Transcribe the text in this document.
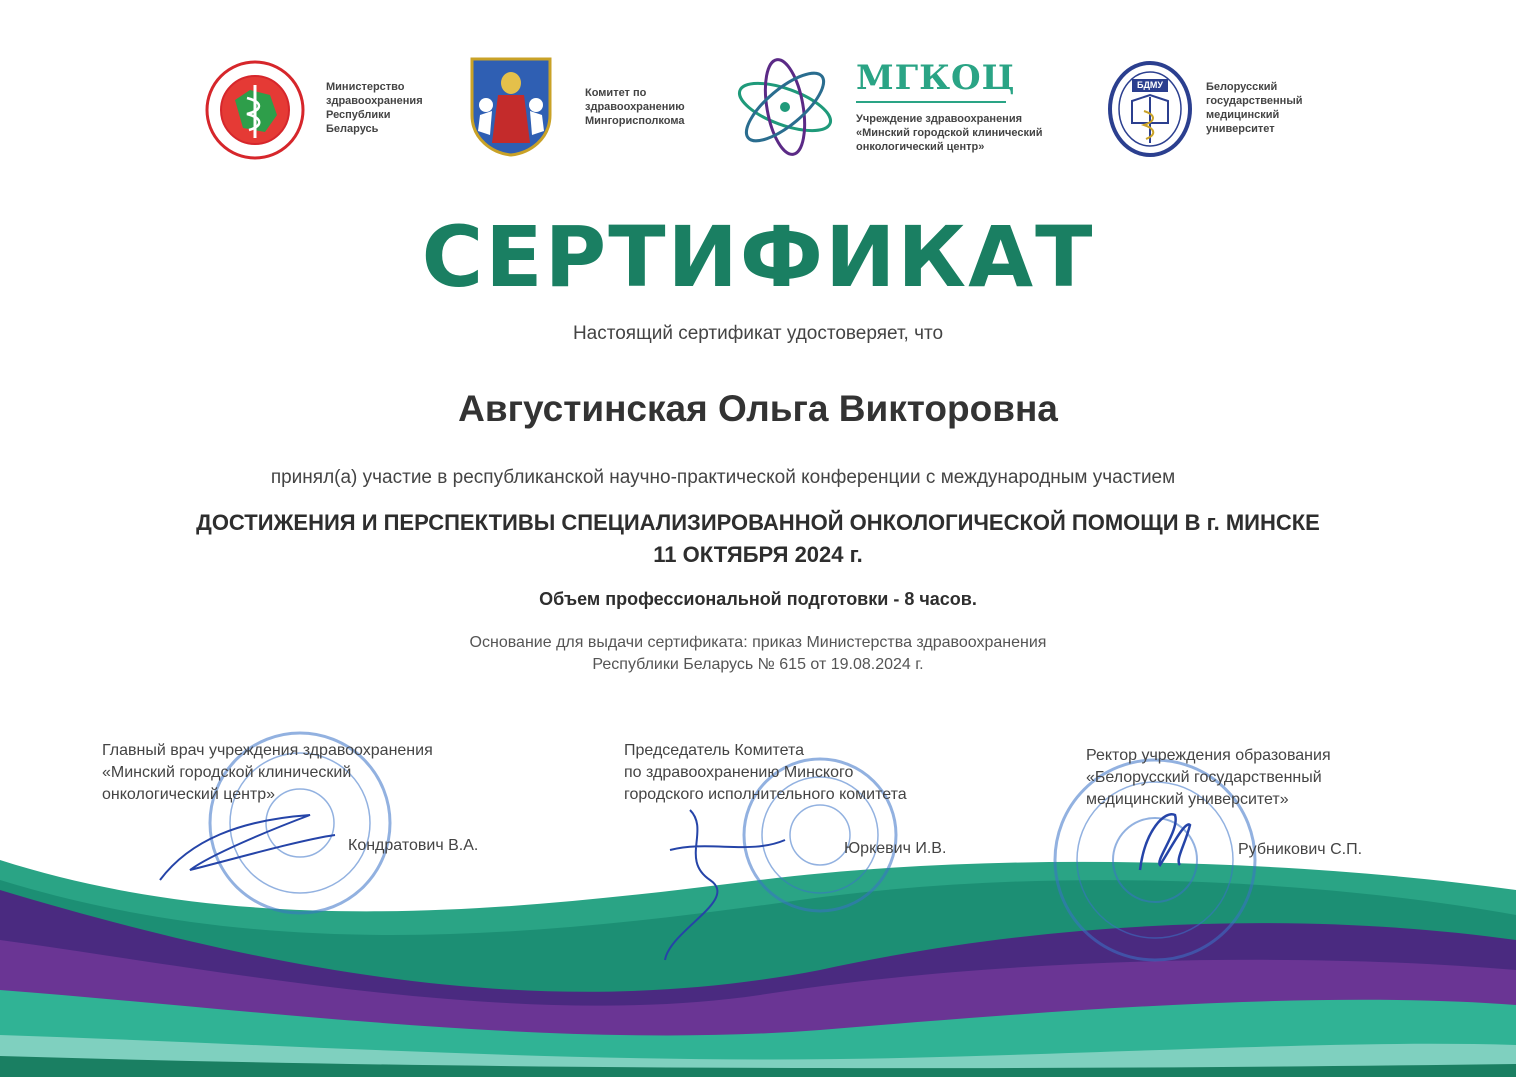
Министерство
здравоохранения
Республики
Беларусь
Комитет по
здравоохранению
Мингорисполкома
МГКОЦ
Учреждение здравоохранения
«Минский городской клинический
онкологический центр»
БДМУ	Белорусский
государственный
медицинский
университет
СЕРТИФИКАТ
Настоящий сертификат удостоверяет, что
Августинская Ольга Викторовна
принял(а) участие в республиканской научно-практической конференции с международным участием
ДОСТИЖЕНИЯ И ПЕРСПЕКТИВЫ СПЕЦИАЛИЗИРОВАННОЙ ОНКОЛОГИЧЕСКОЙ ПОМОЩИ В г. МИНСКЕ
11 ОКТЯБРЯ 2024 г.
Объем профессиональной подготовки - 8 часов.
Основание для выдачи сертификата: приказ Министерства здравоохранения
Республики Беларусь № 615 от 19.08.2024 г.
Главный врач учреждения здравоохранения
«Минский городской клинический
онкологический центр»
Кондратович В.А.
Председатель Комитета
по здравоохранению Минского
городского исполнительного комитета
Юркевич И.В.
Ректор учреждения образования
«Белорусский государственный
медицинский университет»
Рубникович С.П.
